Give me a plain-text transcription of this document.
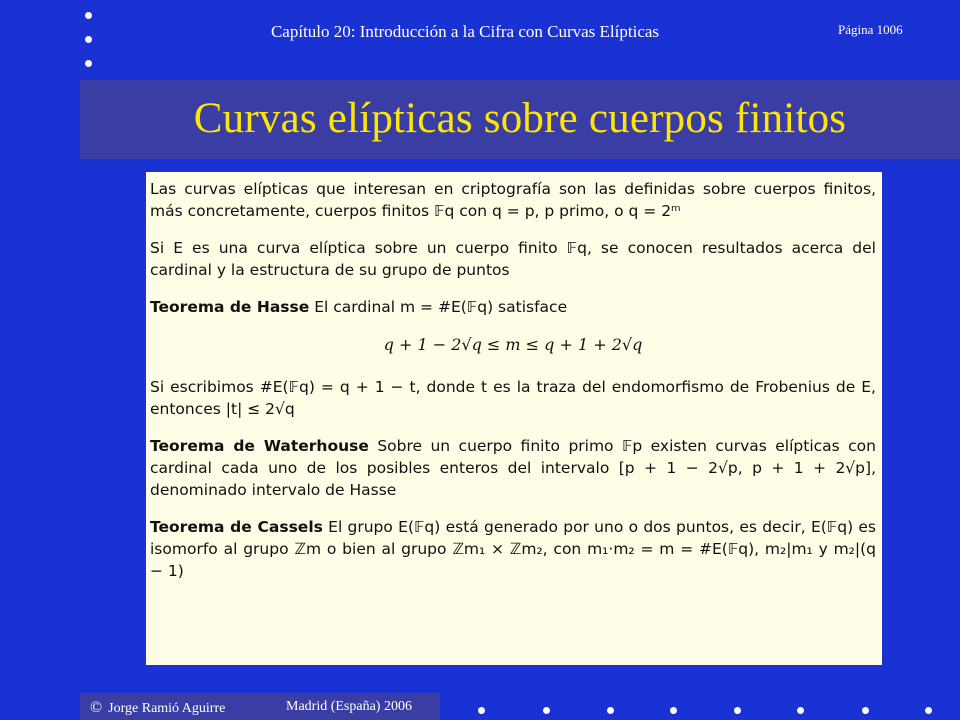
Capítulo 20: Introducción a la Cifra con Curvas Elípticas	Página 1006
Curvas elípticas sobre cuerpos finitos

Las curvas elípticas que interesan en criptografía son las definidas sobre cuerpos finitos, más concretamente, cuerpos finitos 𝔽q con q = p, p primo, o q = 2ᵐ

Si E es una curva elíptica sobre un cuerpo finito 𝔽q, se conocen resultados acerca del cardinal y la estructura de su grupo de puntos

Teorema de Hasse El cardinal m = #E(𝔽q) satisface

q + 1 − 2√q ≤ m ≤ q + 1 + 2√q

Si escribimos #E(𝔽q) = q + 1 − t, donde t es la traza del endomorfismo de Frobenius de E, entonces |t| ≤ 2√q

Teorema de Waterhouse Sobre un cuerpo finito primo 𝔽p existen curvas elípticas con cardinal cada uno de los posibles enteros del intervalo [p + 1 − 2√p, p + 1 + 2√p], denominado intervalo de Hasse

Teorema de Cassels El grupo E(𝔽q) está generado por uno o dos puntos, es decir, E(𝔽q) es isomorfo al grupo ℤm o bien al grupo ℤm₁ × ℤm₂, con m₁·m₂ = m = #E(𝔽q), m₂|m₁ y m₂|(q − 1)

© Jorge Ramió Aguirre	Madrid (España) 2006
